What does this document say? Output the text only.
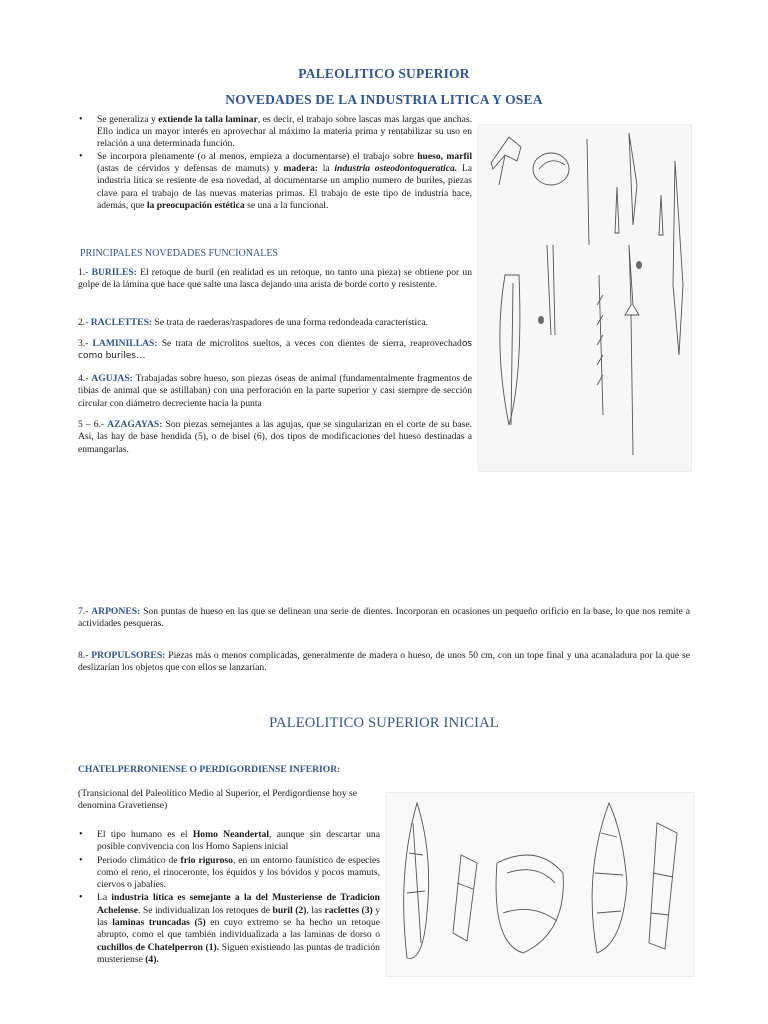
PALEOLITICO SUPERIOR
NOVEDADES DE LA INDUSTRIA LITICA Y OSEA
• Se generaliza y extiende la talla laminar, es decir, el trabajo sobre lascas mas largas que anchas. Ello indica un mayor interés en aprovechar al máximo la materia prima y rentabilizar su uso en relación a una determinada función.
• Se incorpora plenamente (o al menos, empieza a documentarse) el trabajo sobre hueso, marfil (astas de cérvidos y defensas de mamuts) y madera: la industria osteodontoqueratica. La industria lítica se resiente de esa novedad, al documentarse un amplio numero de buriles, piezas clave para el trabajo de las nuevas materias primas. El trabajo de este tipo de industria hace, además, que la preocupación estética se una a la funcional.
PRINCIPALES NOVEDADES FUNCIONALES

1.- BURILES: El retoque de buril (en realidad es un retoque, no tanto una pieza) se obtiene por un golpe de la lámina que hace que salte una lasca dejando una arista de borde corto y resistente.

2.- RACLETTES: Se trata de raederas/raspadores de una forma redondeada característica.

3.- LAMINILLAS: Se trata de microlitos sueltos, a veces con dientes de sierra, reaprovechados como buriles…

4.- AGUJAS: Trabajadas sobre hueso, son piezas óseas de animal (fundamentalmente fragmentos de tibias de animal que se astillaban) con una perforación en la parte superior y casi siempre de sección circular con diámetro decreciente hacia la punta

5 – 6.- AZAGAYAS: Son piezas semejantes a las agujas, que se singularizan en el corte de su base. Asi, las hay de base hendida (5), o de bisel (6), dos tipos de modificaciones del hueso destinadas a enmangarlas.

7.- ARPONES: Son puntas de hueso en las que se delinean una serie de dientes. Incorporan en ocasiones un pequeño orificio en la base, lo que nos remite a actividades pesqueras.

8.- PROPULSORES: Piezas más o menos complicadas, generalmente de madera o hueso, de unos 50 cm, con un tope final y una acanaladura por la que se deslizarían los objetos que con ellos se lanzarían.

PALEOLITICO SUPERIOR INICIAL
CHATELPERRONIENSE O PERDIGORDIENSE INFERIOR:

(Transicional del Paleolítico Medio al Superior, el Perdigordiense hoy se denomina Gravetiense)

• El tipo humano es el Homo Neandertal, aunque sin descartar una posible convivencia con los Homo Sapiens inicial
• Periodo climático de frio riguroso, en un entorno faunístico de especies como el reno, el rinoceronte, los équidos y los bóvidos y pocos mamuts, ciervos o jabalíes.
• La industria lítica es semejante a la del Musteriense de Tradicion Achelense. Se individualizan los retoques de buril (2), las raclettes (3) y las laminas truncadas (5) en cuyo extremo se ha hecho un retoque abrupto, como el que también individualizada a las laminas de dorso o cuchillos de Chatelperron (1). Siguen existiendo las puntas de tradición musteriense (4).
